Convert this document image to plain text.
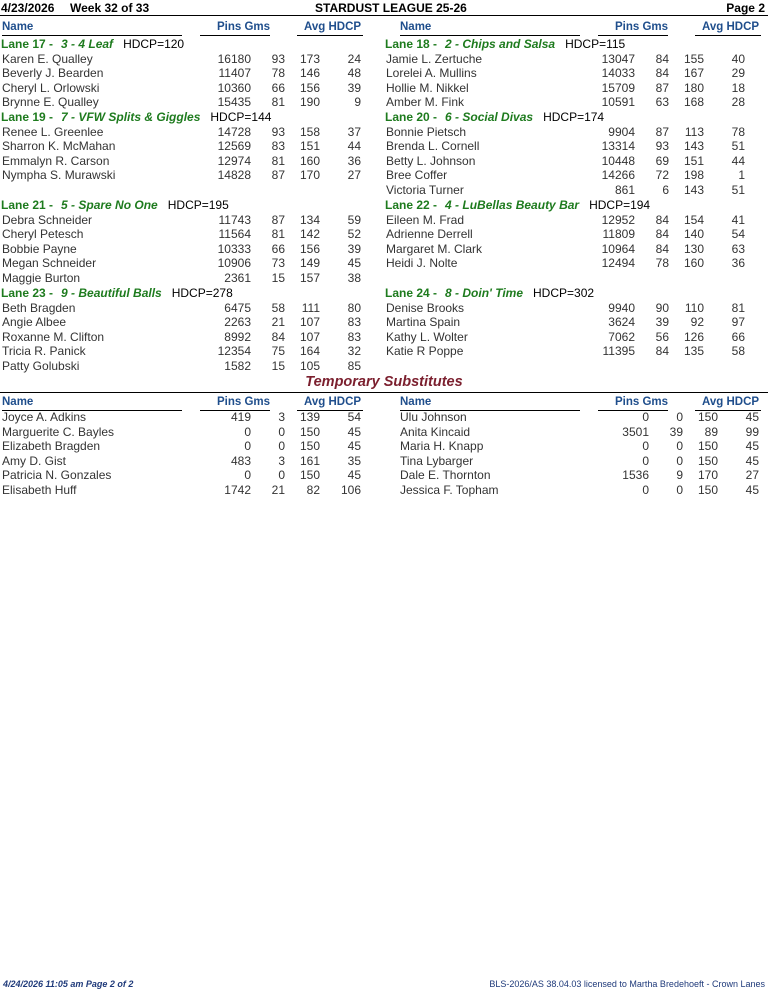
4/23/2026 Week 32 of 33	STARDUST LEAGUE 25-26	Page 2
Name	Pins Gms	Avg HDCP	Name	Pins Gms	Avg HDCP
Lane 17 - 3 - 4 Leaf HDCP=120
Karen E. Qualley	16180 93 173 24
Beverly J. Bearden	11407 78 146 48
Cheryl L. Orlowski	10360 66 156 39
Brynne E. Qualley	15435 81 190	9
Lane 19 - 7 - VFW Splits & Giggles HDCP=144
Renee L. Greenlee	14728 93 158 37
Sharron K. McMahan	12569 83 151 44
Emmalyn R. Carson	12974 81 160 36
Nympha S. Murawski	14828 87 170 27
Lane 21 - 5 - Spare No One HDCP=195
Debra Schneider	11743 87 134 59
Cheryl Petesch	11564 81 142 52
Bobbie Payne	10333 66 156 39
Megan Schneider	10906 73 149 45
Maggie Burton	2361 15 157 38
Lane 23 - 9 - Beautiful Balls HDCP=278
Beth Bragden	6475 58 111 80
Angie Albee	2263 21 107 83
Roxanne M. Clifton	8992 84 107 83
Tricia R. Panick	12354 75 164 32
Patty Golubski	1582 15 105 85
Lane 18 - 2 - Chips and Salsa HDCP=115
Jamie L. Zertuche	13047 84 155 40
Lorelei A. Mullins	14033 84 167 29
Hollie M. Nikkel	15709 87 180 18
Amber M. Fink	10591 63 168 28
Lane 20 - 6 - Social Divas HDCP=174
Bonnie Pietsch	9904 87 113 78
Brenda L. Cornell	13314 93 143 51
Betty L. Johnson	10448 69 151 44
Bree Coffer	14266 72 198	1
Victoria Turner	861 6 143 51
Lane 22 - 4 - LuBellas Beauty Bar HDCP=194
Eileen M. Frad	12952 84 154 41
Adrienne Derrell	11809 84 140 54
Margaret M. Clark	10964 84 130 63
Heidi J. Nolte	12494 78 160 36
Lane 24 - 8 - Doin' Time HDCP=302
Denise Brooks	9940 90 110 81
Martina Spain	3624 39 92 97
Kathy L. Wolter	7062 56 126 66
Katie R Poppe	11395 84 135 58
Name	Pins Gms	Avg HDCP	Name	Pins Gms	Avg HDCP
Joyce A. Adkins	419 3 139 54
Marguerite C. Bayles	0 0 150 45
Elizabeth Bragden	0 0 150 45
Amy D. Gist	483 3 161 35
Patricia N. Gonzales	0 0 150 45
Elisabeth Huff	1742 21 82 106
Ulu Johnson	0 0 150 45
Anita Kincaid	3501 39 89 99
Maria H. Knapp	0 0 150 45
Tina Lybarger	0 0 150 45
Dale E. Thornton	1536 9 170 27
Jessica F. Topham	0 0 150 45
Temporary Substitutes
4/24/2026 11:05 am Page 2 of 2	BLS-2026/AS 38.04.03 licensed to Martha Bredehoeft - Crown Lanes
